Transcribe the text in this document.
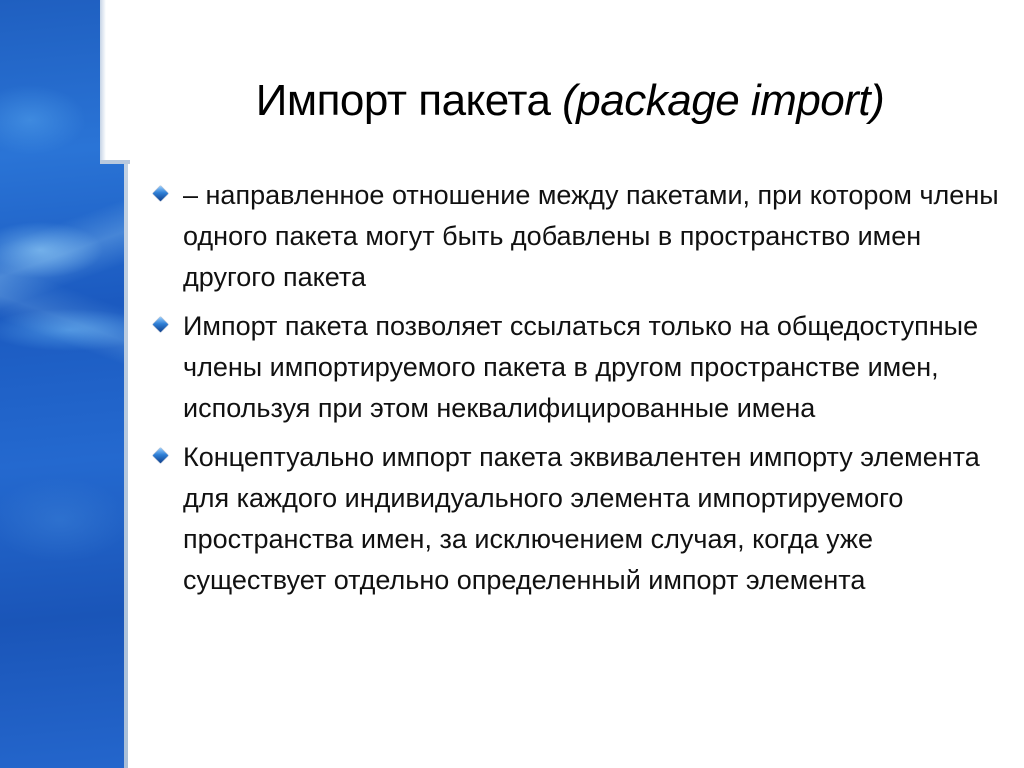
Импорт пакета (package import)
– направленное отношение между пакетами, при котором члены одного пакета могут быть добавлены в пространство имен другого пакета
Импорт пакета позволяет ссылаться только на общедоступные члены импортируемого пакета в другом пространстве имен, используя при этом неквалифицированные имена
Концептуально импорт пакета эквивалентен импорту элемента для каждого индивидуального элемента импортируемого пространства имен, за исключением случая, когда уже существует отдельно определенный импорт элемента
